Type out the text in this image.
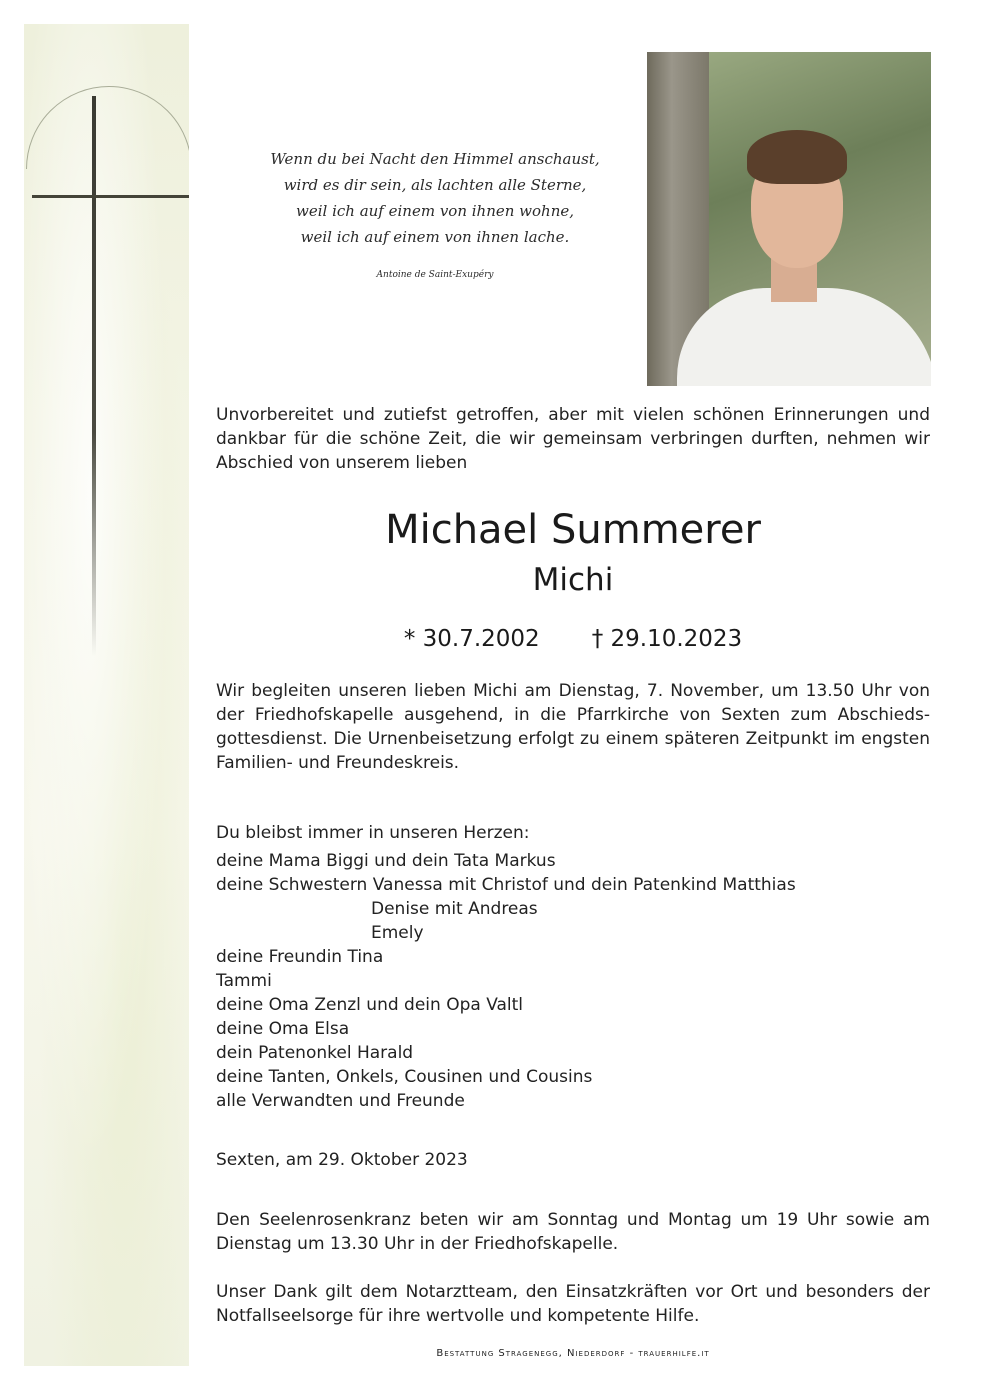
Wenn du bei Nacht den Himmel anschaust,
wird es dir sein, als lachten alle Sterne,
weil ich auf einem von ihnen wohne,
weil ich auf einem von ihnen lache.
Antoine de Saint-Exupéry
Unvorbereitet und zutiefst getroffen, aber mit vielen schönen Erinnerungen und dankbar für die schöne Zeit, die wir gemeinsam verbringen durften, nehmen wir Abschied von unserem lieben
Michael Summerer
Michi
* 30.7.2002 † 29.10.2023
Wir begleiten unseren lieben Michi am Dienstag, 7. November, um 13.50 Uhr von der Friedhofskapelle ausgehend, in die Pfarrkirche von Sexten zum Abschieds-gottesdienst. Die Urnenbeisetzung erfolgt zu einem späteren Zeitpunkt im engsten Familien- und Freundeskreis.
Du bleibst immer in unseren Herzen:
deine Mama Biggi und dein Tata Markus
deine Schwestern Vanessa mit Christof und dein Patenkind Matthias
Denise mit Andreas
Emely
deine Freundin Tina
Tammi
deine Oma Zenzl und dein Opa Valtl
deine Oma Elsa
dein Patenonkel Harald
deine Tanten, Onkels, Cousinen und Cousins
alle Verwandten und Freunde
Sexten, am 29. Oktober 2023
Den Seelenrosenkranz beten wir am Sonntag und Montag um 19 Uhr sowie am Dienstag um 13.30 Uhr in der Friedhofskapelle.
Unser Dank gilt dem Notarztteam, den Einsatzkräften vor Ort und besonders der Notfallseelsorge für ihre wertvolle und kompetente Hilfe.
Bestattung Stragenegg, Niederdorf - trauerhilfe.it
